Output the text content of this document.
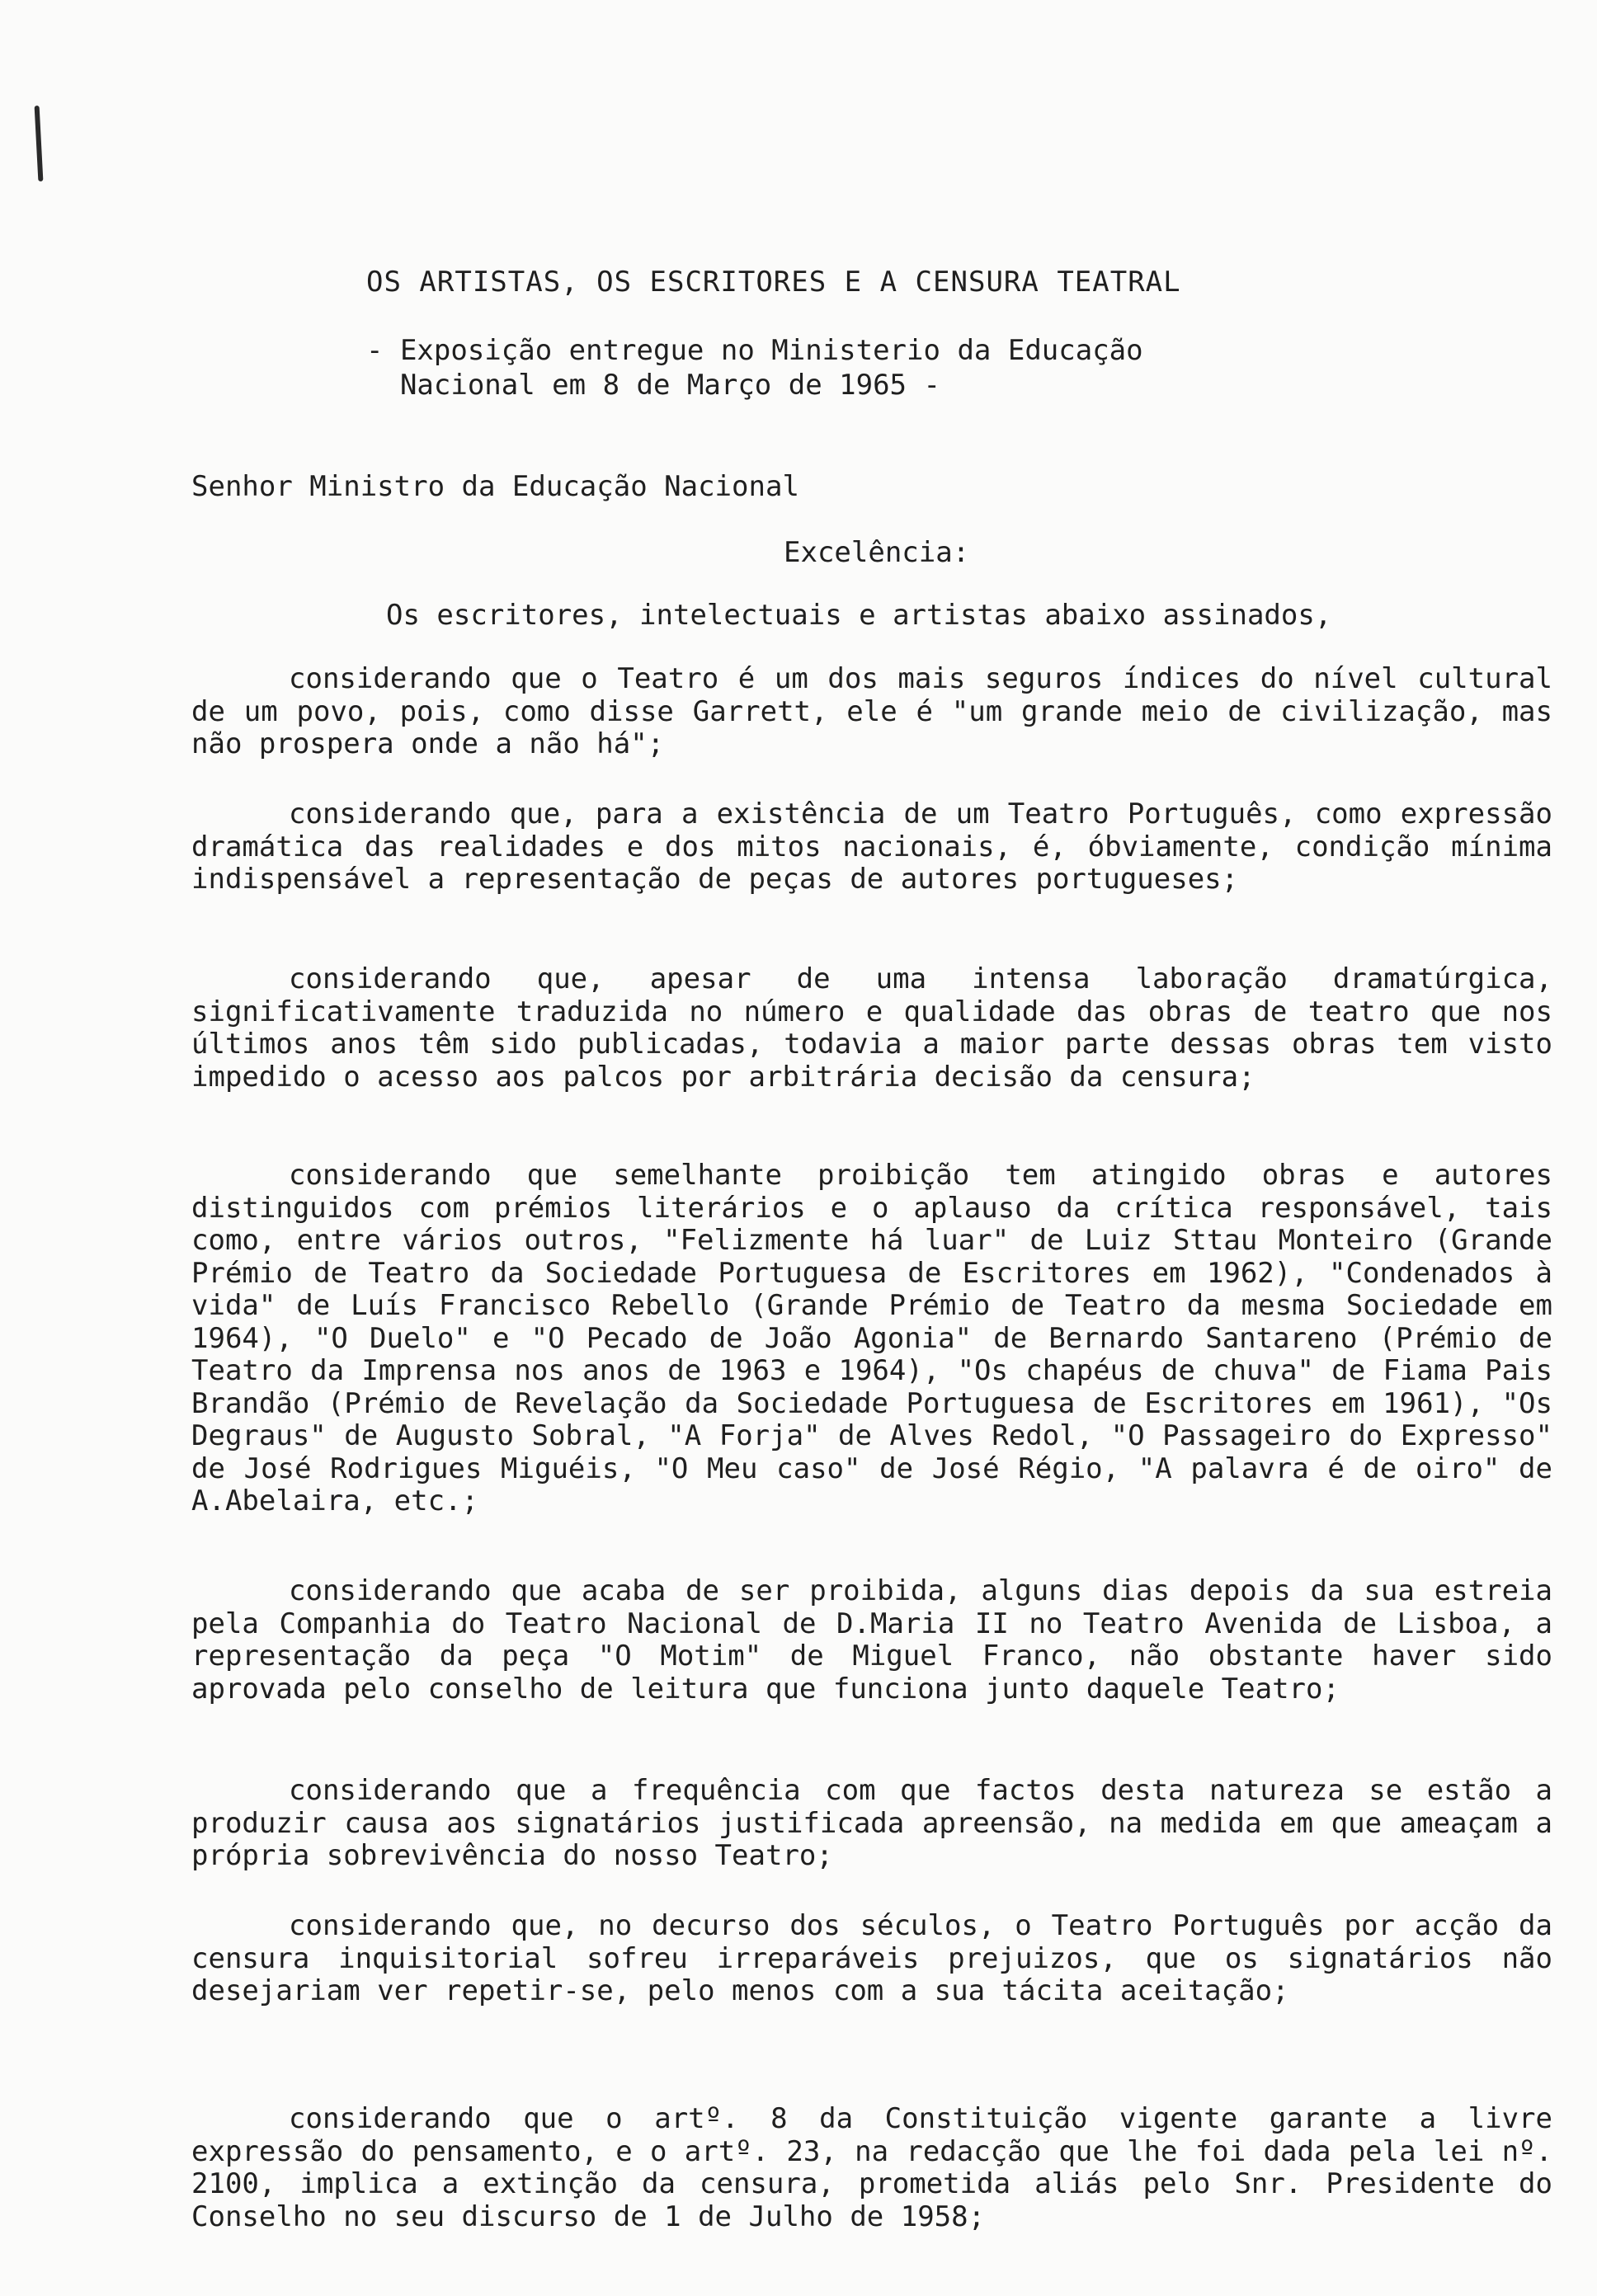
OS ARTISTAS, OS ESCRITORES E A CENSURA TEATRAL
- Exposição entregue no Ministerio da Educação
Nacional em 8 de Março de 1965 -
Senhor Ministro da Educação Nacional
Excelência:
Os escritores, intelectuais e artistas abaixo assinados,

considerando que o Teatro é um dos mais seguros índices do nível cultural de um povo, pois, como disse Garrett, ele é "um grande meio de civilização, mas não prospera onde a não há";

considerando que, para a existência de um Teatro Português, como expressão dramática das realidades e dos mitos nacionais, é, óbviamente, condição mínima indispensável a representação de peças de autores portugueses;

considerando que, apesar de uma intensa laboração dramatúrgica, significativamente traduzida no número e qualidade das obras de teatro que nos últimos anos têm sido publicadas, todavia a maior parte dessas obras tem visto impedido o acesso aos palcos por arbitrária decisão da censura;

considerando que semelhante proibição tem atingido obras e autores distinguidos com prémios literários e o aplauso da crítica responsável, tais como, entre vários outros, "Felizmente há luar" de Luiz Sttau Monteiro (Grande Prémio de Teatro da Sociedade Portuguesa de Escritores em 1962), "Condenados à vida" de Luís Francisco Rebello (Grande Prémio de Teatro da mesma Sociedade em 1964), "O Duelo" e "O Pecado de João Agonia" de Bernardo Santareno (Prémio de Teatro da Imprensa nos anos de 1963 e 1964), "Os chapéus de chuva" de Fiama Pais Brandão (Prémio de Revelação da Sociedade Portuguesa de Escritores em 1961), "Os Degraus" de Augusto Sobral, "A Forja" de Alves Redol, "O Passageiro do Expresso" de José Rodrigues Miguéis, "O Meu caso" de José Régio, "A palavra é de oiro" de A.Abelaira, etc.;

considerando que acaba de ser proibida, alguns dias depois da sua estreia pela Companhia do Teatro Nacional de D.Maria II no Teatro Avenida de Lisboa, a representação da peça "O Motim" de Miguel Franco, não obstante haver sido aprovada pelo conselho de leitura que funciona junto daquele Teatro;

considerando que a frequência com que factos desta natureza se estão a produzir causa aos signatários justificada apreensão, na medida em que ameaçam a própria sobrevivência do nosso Teatro;

considerando que, no decurso dos séculos, o Teatro Português por acção da censura inquisitorial sofreu irreparáveis prejuizos, que os signatários não desejariam ver repetir-se, pelo menos com a sua tácita aceitação;

considerando que o artº. 8 da Constituição vigente garante a livre expressão do pensamento, e o artº. 23, na redacção que lhe foi dada pela lei nº. 2100, implica a extinção da censura, prometida aliás pelo Snr. Presidente do Conselho no seu discurso de 1 de Julho de 1958;
